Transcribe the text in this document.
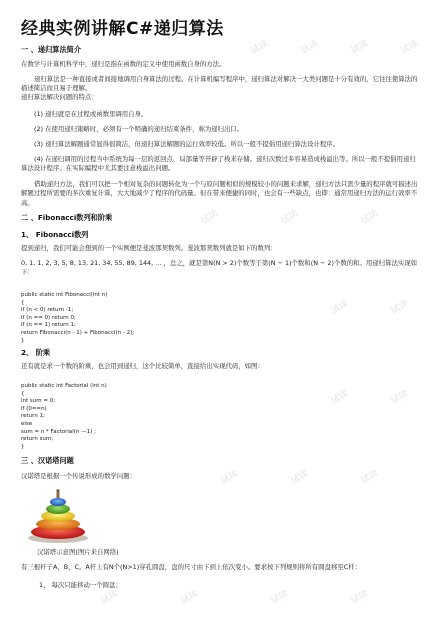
经典实例讲解C#递归算法
一 、递归算法简介
在数学与计算机科学中，递归是指在函数的定义中使用函数自身的方法。
递归算法是一种直接或者间接地调用自身算法的过程。在计算机编写程序中，递归算法对解决一大类问题是十分有效的，它往往使算法的描述简洁而且易于理解。
递归算法解决问题的特点：
(1) 递归就是在过程或函数里调用自身。
(2) 在使用递归策略时，必须有一个明确的递归结束条件，称为递归出口。
(3) 递归算法解题通常显得很简洁，但递归算法解题的运行效率较低。所以一般不提倡用递归算法设计程序。
(4) 在递归调用的过程当中系统为每一层的返回点、局部量等开辟了栈来存储。递归次数过多容易造成栈溢出等。所以一般不提倡用递归算法设计程序。在实际编程中尤其要注意栈溢出问题。
借助递归方法，我们可以把一个相对复杂的问题转化为一个与原问题相似的规模较小的问题来求解，递归方法只需少量的程序就可描述出解题过程所需要的多次重复计算，大大地减少了程序的代码量。但在带来便捷的同时，也会有一些缺点，也即：通常用递归方法的运行效率不高。
二 、Fibonacci数列和阶乘
1、 Fibonacci数列
提到递归，我们可能会想到的一个实例便是斐波那契数列。斐波那契数列就是如下的数列：
0, 1, 1, 2, 3, 5, 8, 13, 21, 34, 55, 89, 144, … ，总之，就是第N(N > 2)个数等于第(N − 1)个数和(N − 2)个数的和。用递归算法实现如下：
public static int Fibonacci(int n)
{
if (n < 0) return -1;
if (n == 0) return 0;
if (n == 1) return 1;
return Fibonacci(n - 1) + Fibonacci(n - 2);
}
2、 阶乘
还有就是求一个数的阶乘，也会用到递归，这个比较简单，直接给出实现代码，如图：
public static int Factorial (int n)
{
int sum = 0;
if (0==n)
return 1;
else
sum = n * Factorial(n —1) ;
return sum;
}
三 、汉诺塔问题
汉诺塔是根据一个传说形成的数学问题：
汉诺塔示意图(图片来自网络)
有三根杆子A，B，C。A杆上有N个(N>1)穿孔圆盘，盘的尺寸由下到上依次变小。要求按下列规则将所有圆盘移至C杆：
1、 每次只能移动一个圆盘；
试读	试读	试读	试读
试读	试读	试读
试读	试读
试读	试读
试读	试读	试读
试读	试读	试读	试读
